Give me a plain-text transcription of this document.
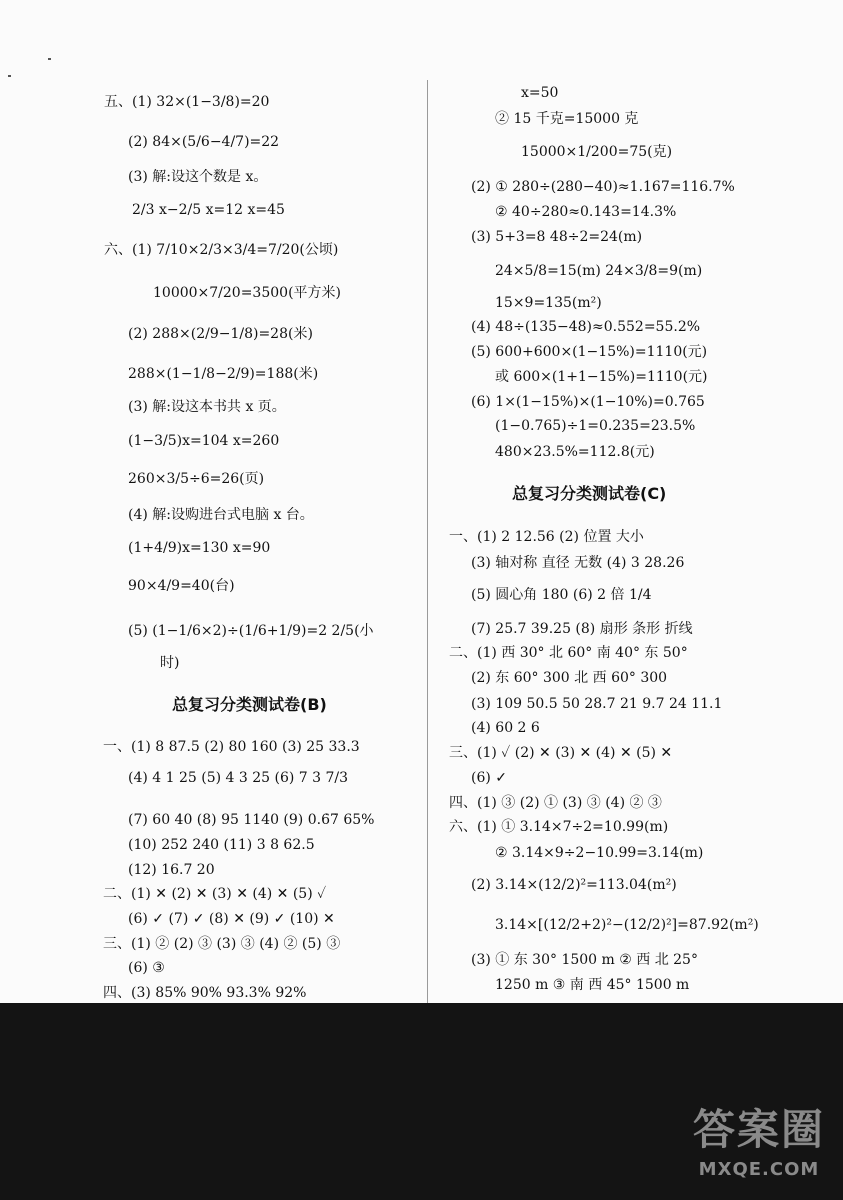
五、(1) 32×(1−3/8)=20
(2) 84×(5/6−4/7)=22
(3) 解:设这个数是 x。
2/3 x−2/5 x=12 x=45
六、(1) 7/10×2/3×3/4=7/20(公顷)
10000×7/20=3500(平方米)
(2) 288×(2/9−1/8)=28(米)
288×(1−1/8−2/9)=188(米)
(3) 解:设这本书共 x 页。
(1−3/5)x=104 x=260
260×3/5÷6=26(页)
(4) 解:设购进台式电脑 x 台。
(1+4/9)x=130 x=90
90×4/9=40(台)
(5) (1−1/6×2)÷(1/6+1/9)=2 2/5(小
时)
总复习分类测试卷(B)
一、(1) 8 87.5 (2) 80 160 (3) 25 33.3
(4) 4 1 25 (5) 4 3 25 (6) 7 3 7/3
(7) 60 40 (8) 95 1140 (9) 0.6̇7̇ 65%
(10) 252 240 (11) 3 8 62.5
(12) 16.7 20
二、(1) ✕ (2) ✕ (3) ✕ (4) ✕ (5) ✓
(6) ✓ (7) ✓ (8) ✕ (9) ✓ (10) ✕
三、(1) ② (2) ③ (3) ③ (4) ② (5) ③
(6) ③
四、(3) 85% 90% 93.3% 92%
x=50
② 15 千克=15000 克
15000×1/200=75(克)
(2) ① 280÷(280−40)≈1.167=116.7%
② 40÷280≈0.143=14.3%
(3) 5+3=8 48÷2=24(m)
24×5/8=15(m) 24×3/8=9(m)
15×9=135(m²)
(4) 48÷(135−48)≈0.552=55.2%
(5) 600+600×(1−15%)=1110(元)
或 600×(1+1−15%)=1110(元)
(6) 1×(1−15%)×(1−10%)=0.765
(1−0.765)÷1=0.235=23.5%
480×23.5%=112.8(元)
总复习分类测试卷(C)
一、(1) 2 12.56 (2) 位置 大小
(3) 轴对称 直径 无数 (4) 3 28.26
(5) 圆心角 180 (6) 2 倍 1/4
(7) 25.7 39.25 (8) 扇形 条形 折线
二、(1) 西 30° 北 60° 南 40° 东 50°
(2) 东 60° 300 北 西 60° 300
(3) 109 50.5 50 28.7 21 9.7 24 11.1
(4) 60 2 6
三、(1) ✓ (2) ✕ (3) ✕ (4) ✕ (5) ✕
(6) ✓
四、(1) ③ (2) ① (3) ③ (4) ② ③
六、(1) ① 3.14×7÷2=10.99(m)
② 3.14×9÷2−10.99=3.14(m)
(2) 3.14×(12/2)²=113.04(m²)
3.14×[(12/2+2)²−(12/2)²]=87.92(m²)
(3) ① 东 30° 1500 m ② 西 北 25°
1250 m ③ 南 西 45° 1500 m
答案圈
MXQE.COM
